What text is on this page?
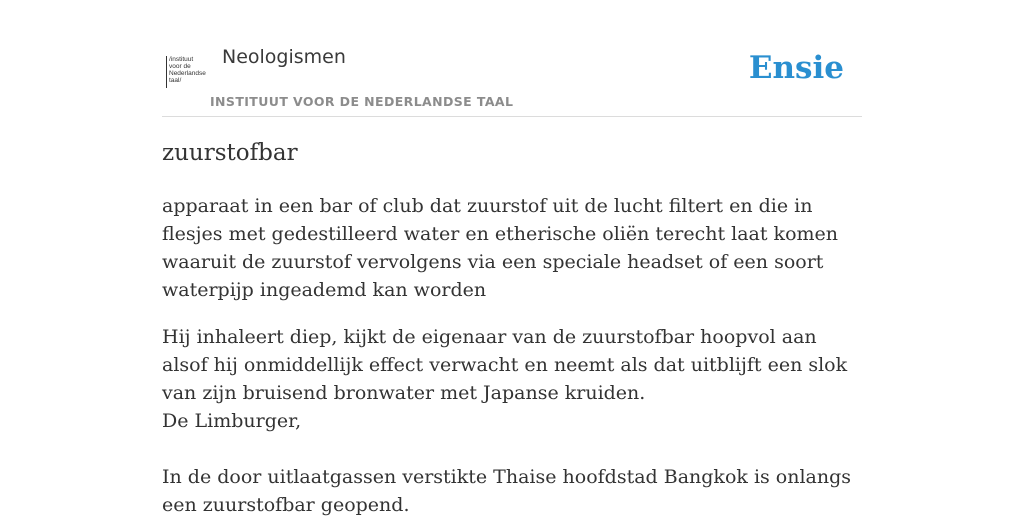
/instituut
voor de
Nederlandse
taal/
Neologismen
INSTITUUT VOOR DE NEDERLANDSE TAAL
Ensie
zuurstofbar

apparaat in een bar of club dat zuurstof uit de lucht filtert en die in flesjes met gedestilleerd water en etherische oliën terecht laat komen waaruit de zuurstof vervolgens via een speciale headset of een soort waterpijp ingeademd kan worden

Hij inhaleert diep, kijkt de eigenaar van de zuurstofbar hoopvol aan alsof hij onmiddellijk effect verwacht en neemt als dat uitblijft een slok van zijn bruisend bronwater met Japanse kruiden.
De Limburger,
In de door uitlaatgassen verstikte Thaise hoofdstad Bangkok is onlangs een zuurstofbar geopend.
